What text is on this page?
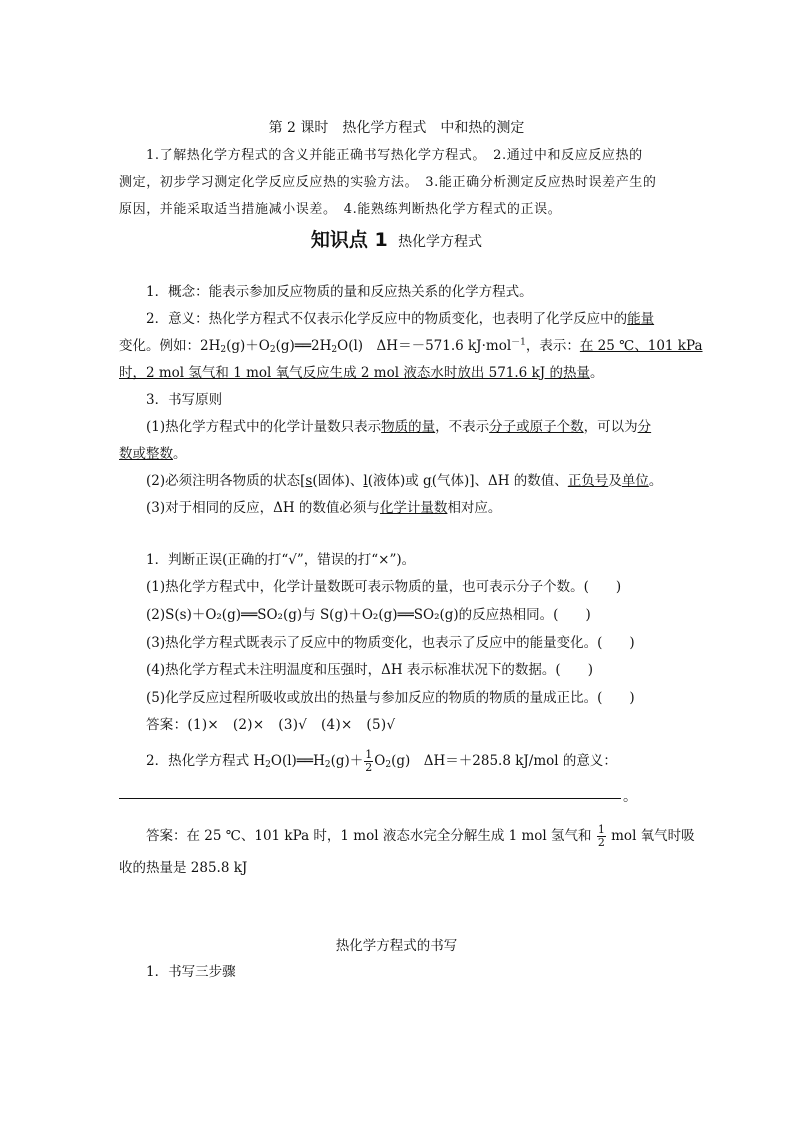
第 2 课时　热化学方程式　中和热的测定
1.了解热化学方程式的含义并能正确书写热化学方程式。　2.通过中和反应反应热的
测定，初步学习测定化学反应反应热的实验方法。　3.能正确分析测定反应热时误差产生的
原因，并能采取适当措施减小误差。　4.能熟练判断热化学方程式的正误。
知识点 1 热化学方程式
1．概念：能表示参加反应物质的量和反应热关系的化学方程式。
2．意义：热化学方程式不仅表示化学反应中的物质变化，也表明了化学反应中的能量
变化。例如：$2H_2(g)+O_2(g)══2H_2O(l)$　ΔH＝－571.6 kJ·mol$^{-1}$，表示：在 25 ℃、101 kPa
时，2 mol 氢气和 1 mol 氧气反应生成 2 mol 液态水时放出 571.6 kJ 的热量。
3．书写原则
(1)热化学方程式中的化学计量数只表示物质的量，不表示分子或原子个数，可以为分
数或整数。
(2)必须注明各物质的状态[s(固体)、l(液体)或 g(气体)]、ΔH 的数值、正负号及单位。
(3)对于相同的反应，ΔH 的数值必须与化学计量数相对应。
1．判断正误(正确的打“√”，错误的打“×”)。
(1)热化学方程式中，化学计量数既可表示物质的量，也可表示分子个数。(　　)
(2)S(s)＋O₂(g)══SO₂(g)与 S(g)＋O₂(g)══SO₂(g)的反应热相同。(　　)
(3)热化学方程式既表示了反应中的物质变化，也表示了反应中的能量变化。(　　)
(4)热化学方程式未注明温度和压强时，ΔH 表示标准状况下的数据。(　　)
(5)化学反应过程所吸收或放出的热量与参加反应的物质的物质的量成正比。(　　)
答案：(1)×　(2)×　(3)√　(4)×　(5)√
2．热化学方程式 $H_2O(l)══H_2(g)+ \frac{1}{2} O_2(g)$　ΔH＝＋285.8 kJ/mol 的意义：
。
答案：在 25 ℃、101 kPa 时，1 mol 液态水完全分解生成 1 mol 氢气和 $\frac{1}{2}$ mol 氧气时吸
收的热量是 285.8 kJ
热化学方程式的书写
1．书写三步骤
